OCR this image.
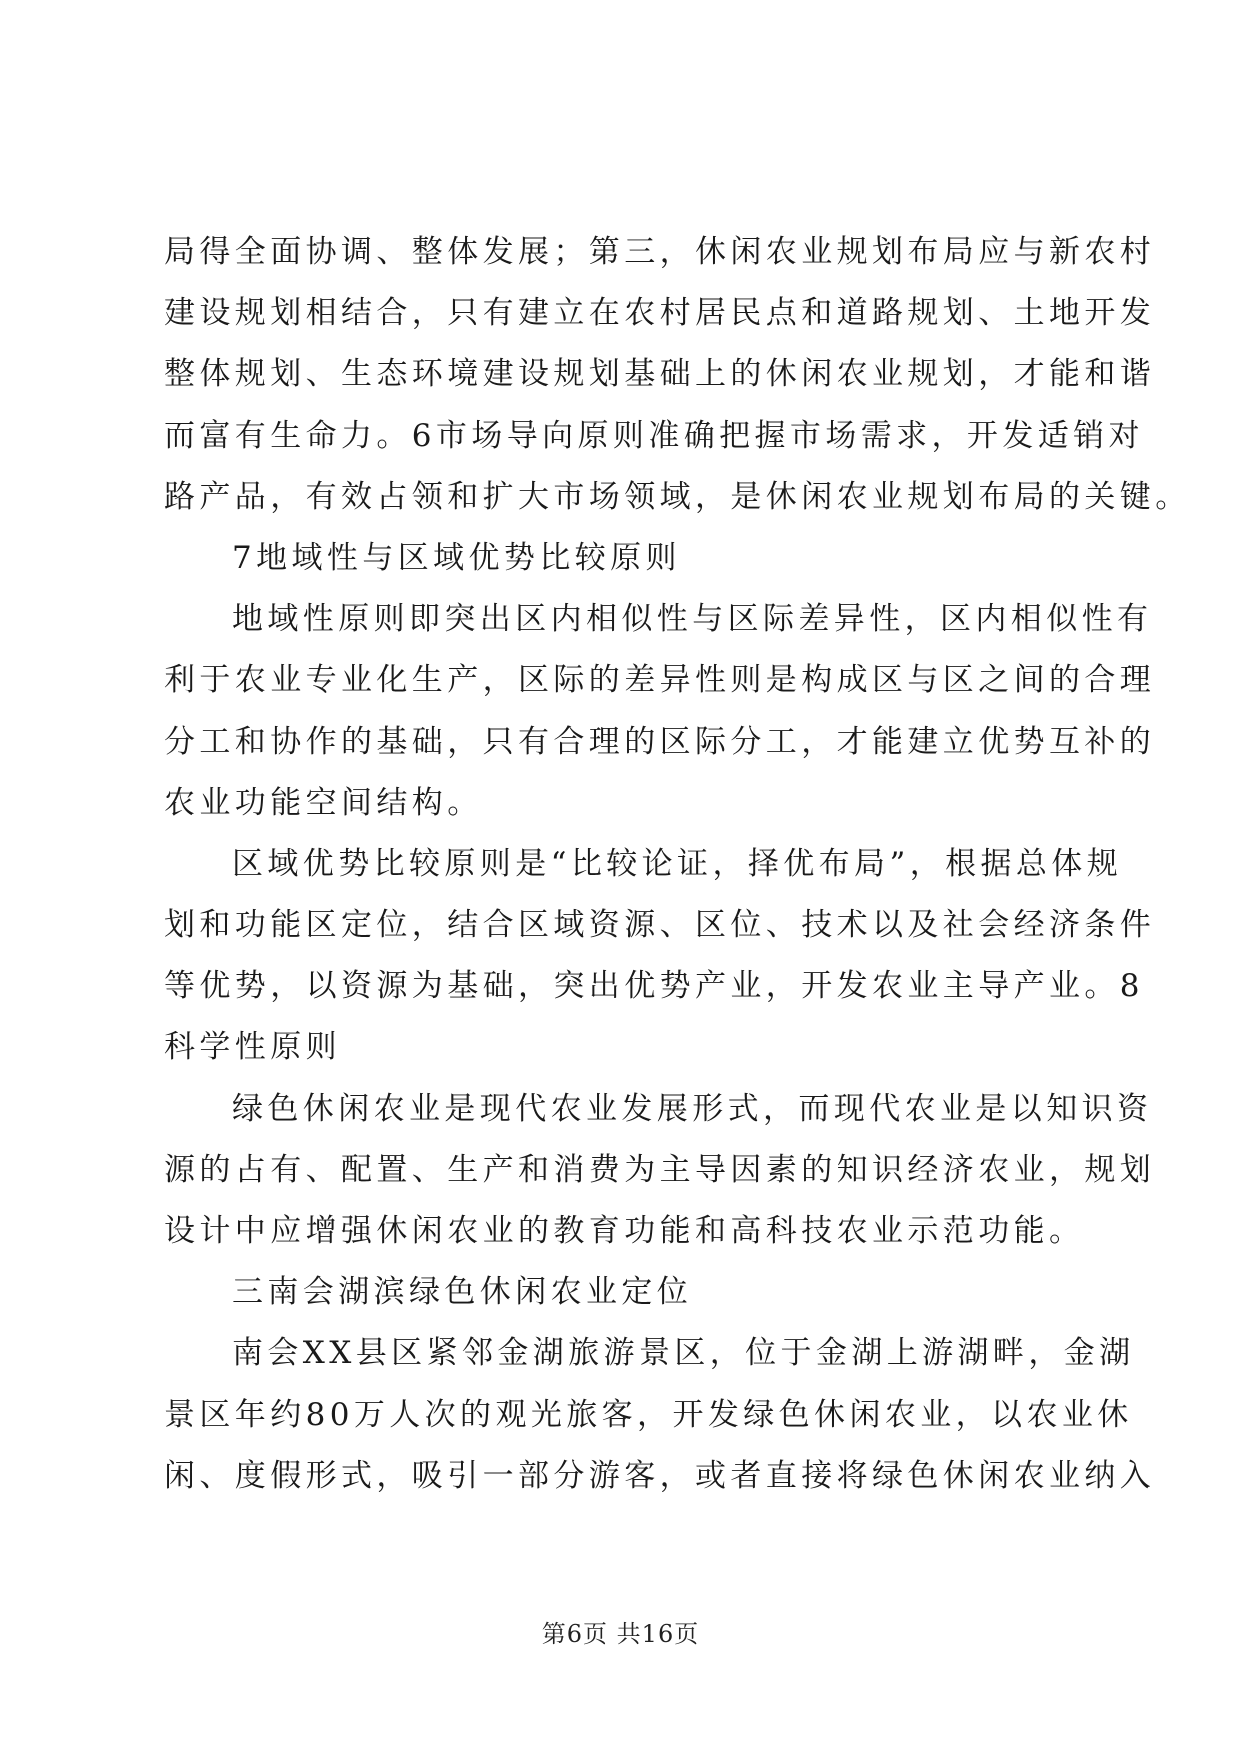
局得全面协调、整体发展；第三，休闲农业规划布局应与新农村
建设规划相结合，只有建立在农村居民点和道路规划、土地开发
整体规划、生态环境建设规划基础上的休闲农业规划，才能和谐
而富有生命力。6市场导向原则准确把握市场需求，开发适销对
路产品，有效占领和扩大市场领域，是休闲农业规划布局的关键。
7地域性与区域优势比较原则
地域性原则即突出区内相似性与区际差异性，区内相似性有
利于农业专业化生产，区际的差异性则是构成区与区之间的合理
分工和协作的基础，只有合理的区际分工，才能建立优势互补的
农业功能空间结构。
区域优势比较原则是“比较论证，择优布局”，根据总体规
划和功能区定位，结合区域资源、区位、技术以及社会经济条件
等优势，以资源为基础，突出优势产业，开发农业主导产业。8
科学性原则
绿色休闲农业是现代农业发展形式，而现代农业是以知识资
源的占有、配置、生产和消费为主导因素的知识经济农业，规划
设计中应增强休闲农业的教育功能和高科技农业示范功能。
三南会湖滨绿色休闲农业定位
南会XX县区紧邻金湖旅游景区，位于金湖上游湖畔，金湖
景区年约80万人次的观光旅客，开发绿色休闲农业，以农业休
闲、度假形式，吸引一部分游客，或者直接将绿色休闲农业纳入
第6页 共16页
